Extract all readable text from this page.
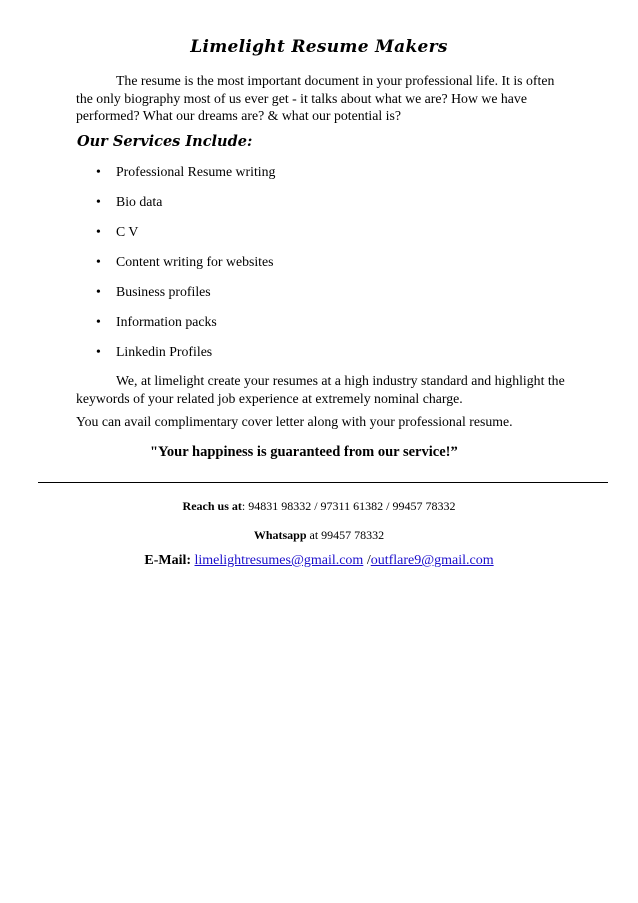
Limelight Resume Makers
The resume is the most important document in your professional life. It is often the only biography most of us ever get - it talks about what we are? How we have performed? What our dreams are? & what our potential is?
Our Services Include:
• Professional Resume writing
• Bio data
• C V
• Content writing for websites
• Business profiles
• Information packs
• Linkedin Profiles
We, at limelight create your resumes at a high industry standard and highlight the keywords of your related job experience at extremely nominal charge.
You can avail complimentary cover letter along with your professional resume.
"Your happiness is guaranteed from our service!”
Reach us at: 94831 98332 / 97311 61382 / 99457 78332
Whatsapp at 99457 78332
E-Mail: limelightresumes@gmail.com /outflare9@gmail.com
